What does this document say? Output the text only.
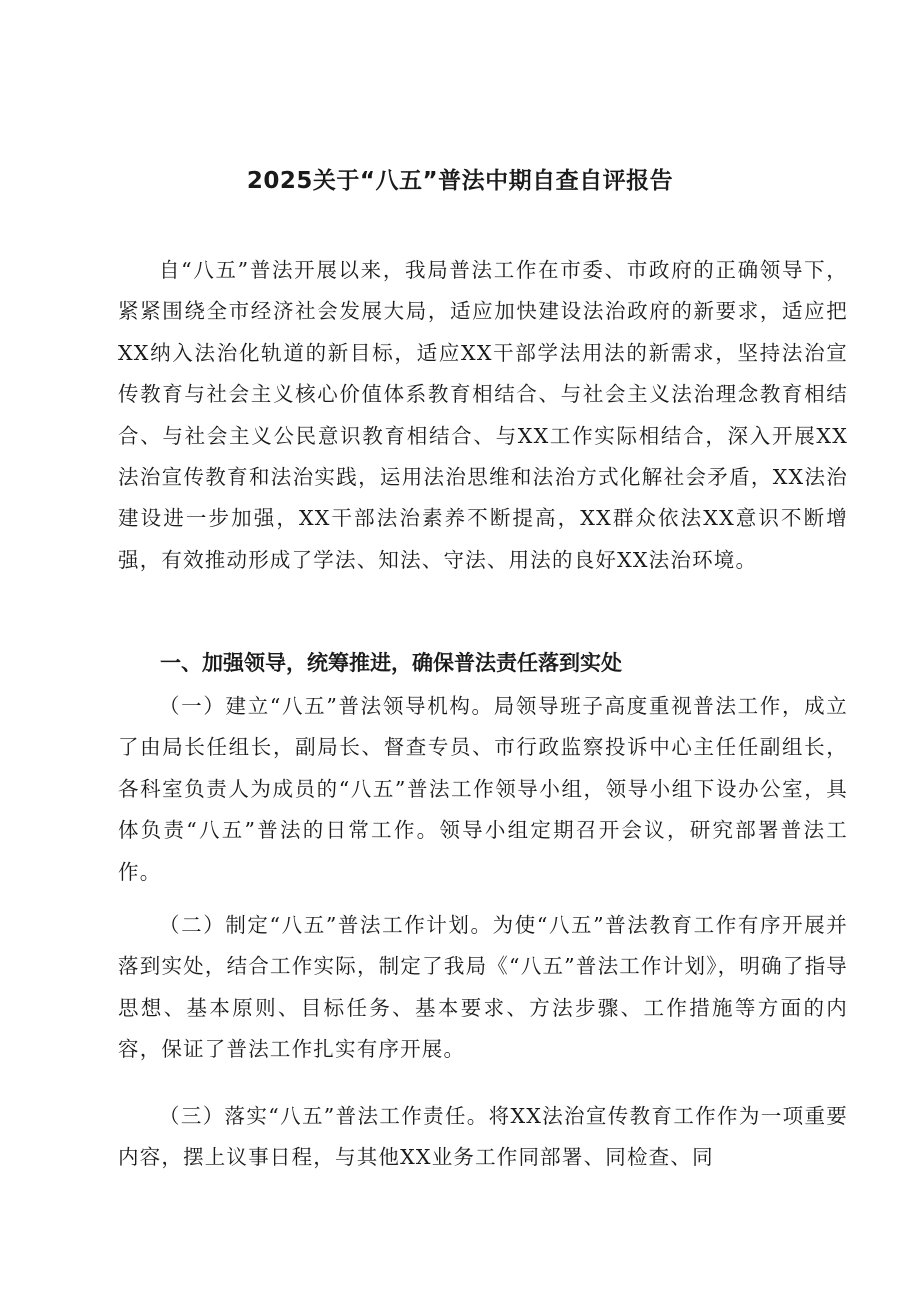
2025关于“八五”普法中期自查自评报告

自“八五”普法开展以来，我局普法工作在市委、市政府的正确领导下，紧紧围绕全市经济社会发展大局，适应加快建设法治政府的新要求，适应把XX纳入法治化轨道的新目标，适应XX干部学法用法的新需求，坚持法治宣传教育与社会主义核心价值体系教育相结合、与社会主义法治理念教育相结合、与社会主义公民意识教育相结合、与XX工作实际相结合，深入开展XX法治宣传教育和法治实践，运用法治思维和法治方式化解社会矛盾，XX法治建设进一步加强，XX干部法治素养不断提高，XX群众依法XX意识不断增强，有效推动形成了学法、知法、守法、用法的良好XX法治环境。

一、加强领导，统筹推进，确保普法责任落到实处

（一）建立“八五”普法领导机构。局领导班子高度重视普法工作，成立了由局长任组长，副局长、督查专员、市行政监察投诉中心主任任副组长，各科室负责人为成员的“八五”普法工作领导小组，领导小组下设办公室，具体负责“八五”普法的日常工作。领导小组定期召开会议，研究部署普法工作。

（二）制定“八五”普法工作计划。为使“八五”普法教育工作有序开展并落到实处，结合工作实际，制定了我局《“八五”普法工作计划》，明确了指导思想、基本原则、目标任务、基本要求、方法步骤、工作措施等方面的内容，保证了普法工作扎实有序开展。

（三）落实“八五”普法工作责任。将XX法治宣传教育工作作为一项重要内容，摆上议事日程，与其他XX业务工作同部署、同检查、同
